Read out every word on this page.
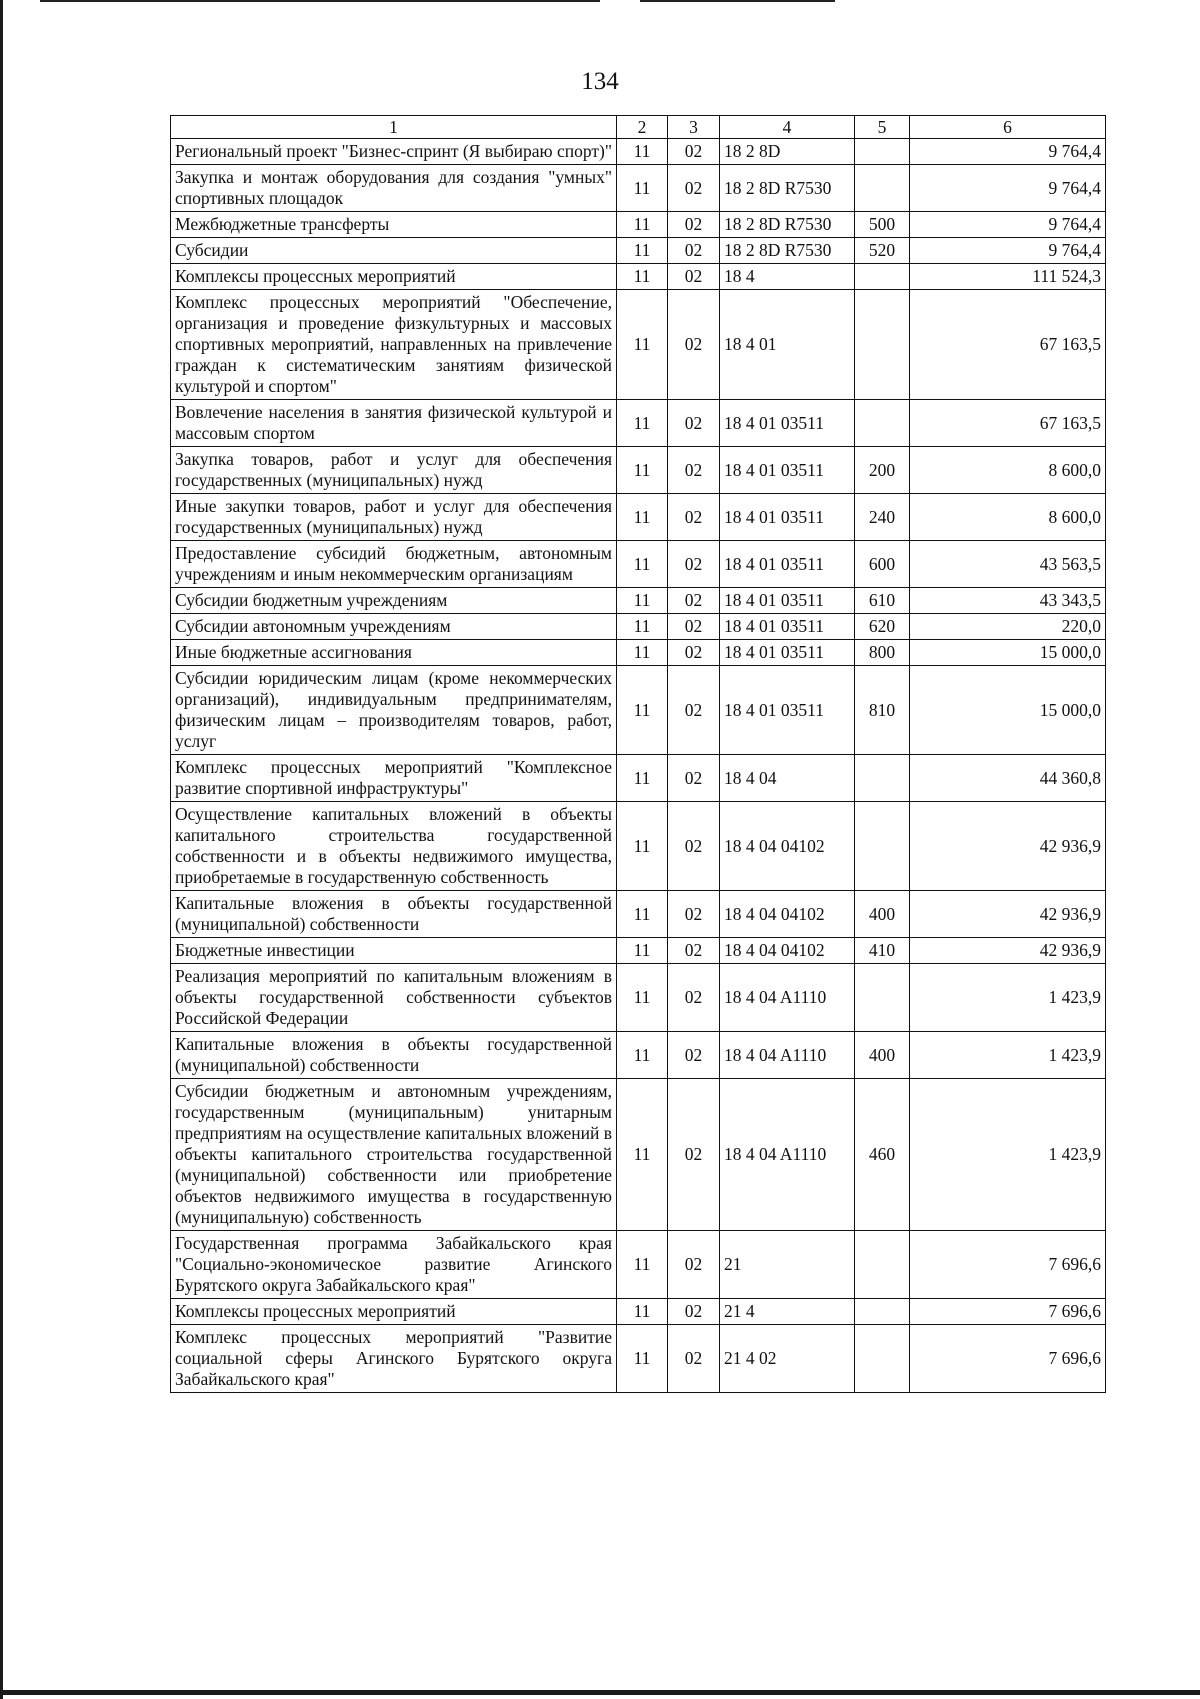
134
1	2	3	4	5	6
Региональный проект "Бизнес-спринт (Я выбираю спорт)"	11	02	18 2 8D		9 764,4
Закупка и монтаж оборудования для создания "умных" спортивных площадок	11	02	18 2 8D R7530		9 764,4
Межбюджетные трансферты	11	02	18 2 8D R7530	500	9 764,4
Субсидии	11	02	18 2 8D R7530	520	9 764,4
Комплексы процессных мероприятий	11	02	18 4		111 524,3
Комплекс процессных мероприятий "Обеспечение, организация и проведение физкультурных и массовых спортивных мероприятий, направленных на привлечение граждан к систематическим занятиям физической культурой и спортом"	11	02	18 4 01		67 163,5
Вовлечение населения в занятия физической культурой и массовым спортом	11	02	18 4 01 03511		67 163,5
Закупка товаров, работ и услуг для обеспечения государственных (муниципальных) нужд	11	02	18 4 01 03511	200	8 600,0
Иные закупки товаров, работ и услуг для обеспечения государственных (муниципальных) нужд	11	02	18 4 01 03511	240	8 600,0
Предоставление субсидий бюджетным, автономным учреждениям и иным некоммерческим организациям	11	02	18 4 01 03511	600	43 563,5
Субсидии бюджетным учреждениям	11	02	18 4 01 03511	610	43 343,5
Субсидии автономным учреждениям	11	02	18 4 01 03511	620	220,0
Иные бюджетные ассигнования	11	02	18 4 01 03511	800	15 000,0
Субсидии юридическим лицам (кроме некоммерческих организаций), индивидуальным предпринимателям, физическим лицам – производителям товаров, работ, услуг	11	02	18 4 01 03511	810	15 000,0
Комплекс процессных мероприятий "Комплексное развитие спортивной инфраструктуры"	11	02	18 4 04		44 360,8
Осуществление капитальных вложений в объекты капитального строительства государственной собственности и в объекты недвижимого имущества, приобретаемые в государственную собственность	11	02	18 4 04 04102		42 936,9
Капитальные вложения в объекты государственной (муниципальной) собственности	11	02	18 4 04 04102	400	42 936,9
Бюджетные инвестиции	11	02	18 4 04 04102	410	42 936,9
Реализация мероприятий по капитальным вложениям в объекты государственной собственности субъектов Российской Федерации	11	02	18 4 04 A1110		1 423,9
Капитальные вложения в объекты государственной (муниципальной) собственности	11	02	18 4 04 A1110	400	1 423,9
Субсидии бюджетным и автономным учреждениям, государственным (муниципальным) унитарным предприятиям на осуществление капитальных вложений в объекты капитального строительства государственной (муниципальной) собственности или приобретение объектов недвижимого имущества в государственную (муниципальную) собственность	11	02	18 4 04 A1110	460	1 423,9
Государственная программа Забайкальского края "Социально-экономическое развитие Агинского Бурятского округа Забайкальского края"	11	02	21		7 696,6
Комплексы процессных мероприятий	11	02	21 4		7 696,6
Комплекс процессных мероприятий "Развитие социальной сферы Агинского Бурятского округа Забайкальского края"	11	02	21 4 02		7 696,6
